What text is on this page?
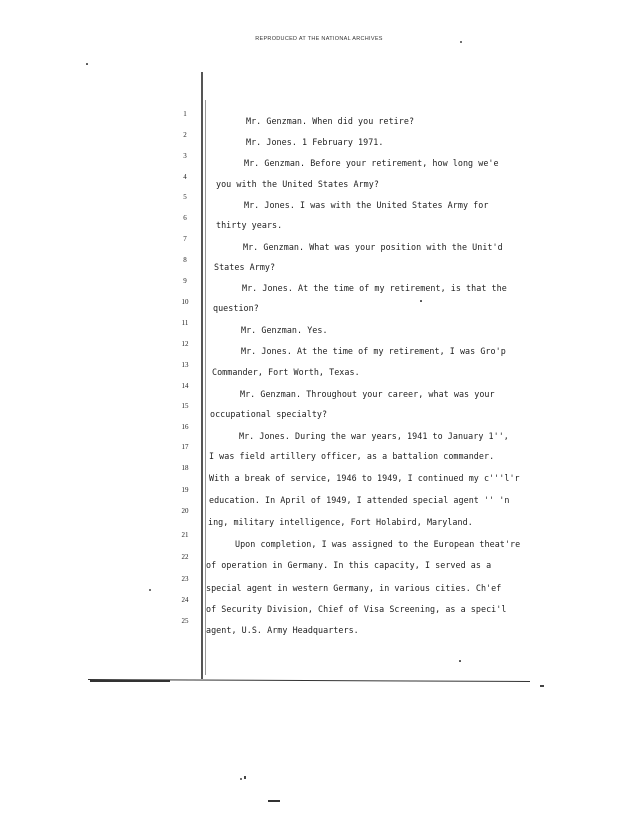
REPRODUCED AT THE NATIONAL ARCHIVES
1
2
3
4
5
6
7
8
9
10
11
12
13
14
15
16
17
18
19
20
21
22
23
24
25
Mr. Genzman. When did you retire?
Mr. Jones. 1 February 1971.
Mr. Genzman. Before your retirement, how long we'e
you with the United States Army?
Mr. Jones. I was with the United States Army for
thirty years.
Mr. Genzman. What was your position with the Unit'd
States Army?
Mr. Jones. At the time of my retirement, is that the
question?
Mr. Genzman. Yes.
Mr. Jones. At the time of my retirement, I was Gro'p
Commander, Fort Worth, Texas.
Mr. Genzman. Throughout your career, what was your
occupational specialty?
Mr. Jones. During the war years, 1941 to January 1'',
I was field artillery officer, as a battalion commander.
With a break of service, 1946 to 1949, I continued my c'''l'r
education. In April of 1949, I attended special agent '' 'n
ing, military intelligence, Fort Holabird, Maryland.
Upon completion, I was assigned to the European theat're
of operation in Germany. In this capacity, I served as a
special agent in western Germany, in various cities. Ch'ef
of Security Division, Chief of Visa Screening, as a speci'l
agent, U.S. Army Headquarters.
